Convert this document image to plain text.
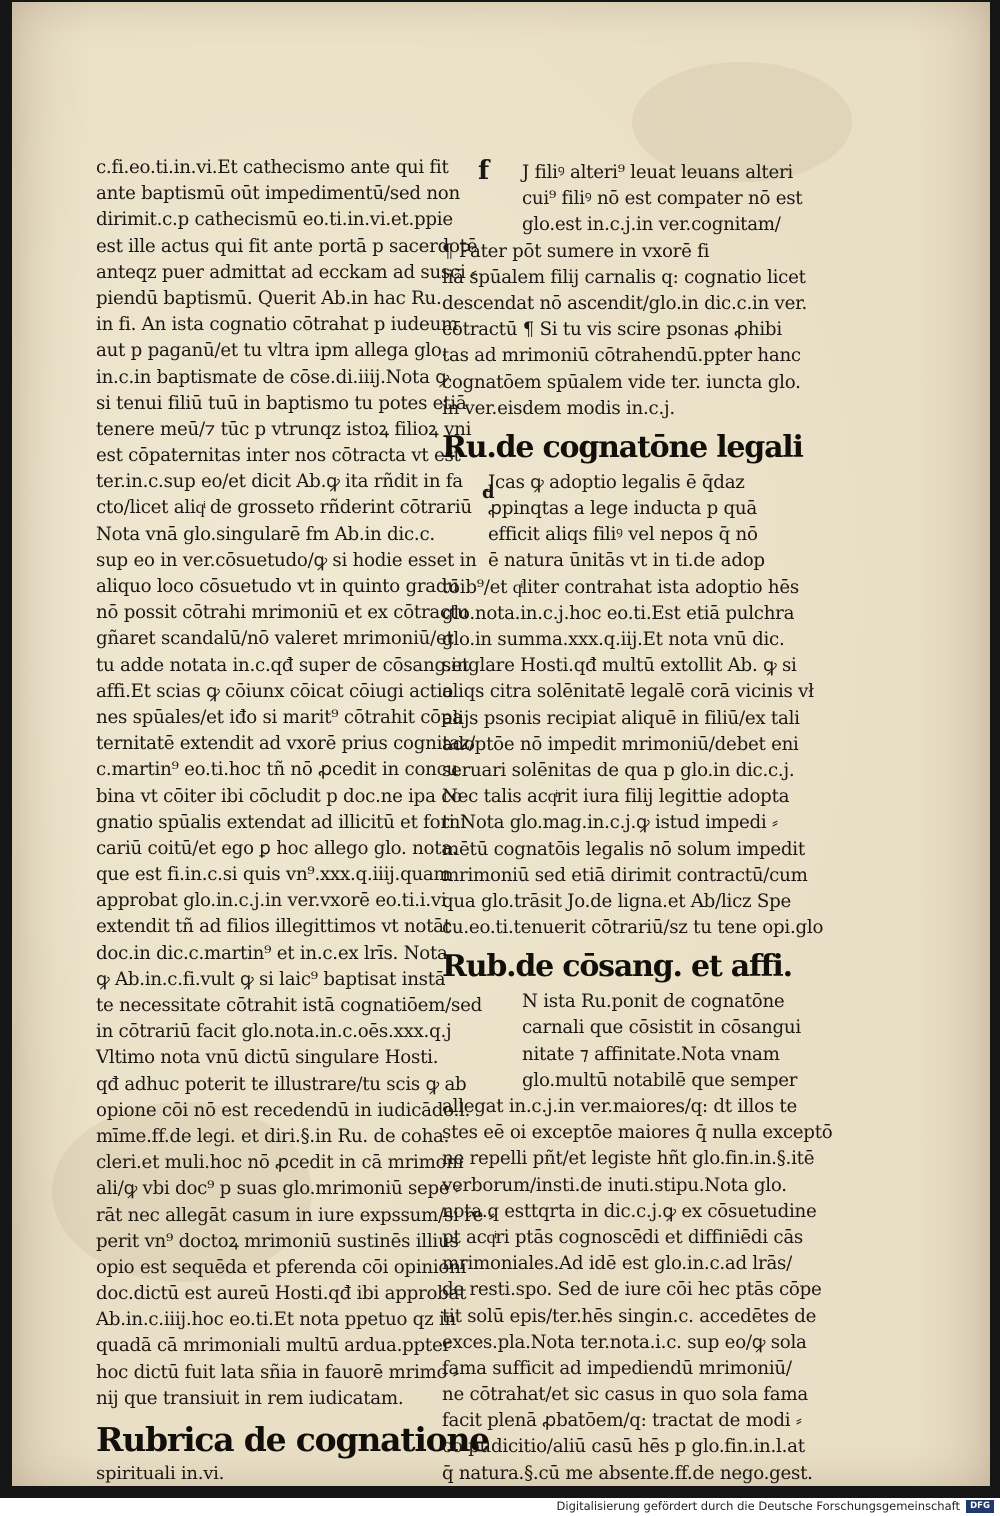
c.fi.eo.ti.in.vi.Et cathecismo ante qui fit
ante baptismū oūt impedimentū/sed non
dirimit.c.p cathecismū eo.ti.in.vi.et.ppie
est ille actus qui fit ante portā p sacerdotē
anteqz puer admittat ad ecckam ad susci ⸗
piendū baptismū. Querit Ab.in hac Ru.
in fi. An ista cognatio cōtrahat p iudeum
aut p paganū/et tu vltra ipm allega glo.
in.c.in baptismate de cōse.di.iiij.Nota ꝙ
si tenui filiū tuū in baptismo tu potes etiā
tenere meū/⁊ tūc p vtrunqz istoꝝ filioꝝ vni
est cōpaternitas inter nos cōtracta vt est
ter.in.c.sup eo/et dicit Ab.ꝙ ita rñdit in fa
cto/licet aliqͥ de grosseto rñderint cōtrariū
Nota vnā glo.singularē fm Ab.in dic.c.
sup eo in ver.cōsuetudo/ꝙ si hodie esset in
aliquo loco cōsuetudo vt in quinto gradu
nō possit cōtrahi mrimoniū et ex cōtractu
gñaret scandalū/nō valeret mrimoniū/et
tu adde notata in.c.qđ super de cōsang.et
affi.Et scias ꝙ cōiunx cōicat cōiugi actio
nes spūales/et iđo si marit⁹ cōtrahit cōpa
ternitatē extendit ad vxorē prius cognitaz/
c.martin⁹ eo.ti.hoc tñ nō ꝓcedit in concu
bina vt cōiter ibi cōcludit p doc.ne ipa co
gnatio spūalis extendat ad illicitū et forni
cariū coitū/et ego ꝑ hoc allego glo. nota.
que est fi.in.c.si quis vn⁹.xxx.q.iiij.quam
approbat glo.in.c.j.in ver.vxorē eo.ti.i.vi
extendit tñ ad filios illegittimos vt notāt
doc.in dic.c.martin⁹ et in.c.ex lrīs. Nota
ꝙ Ab.in.c.fi.vult ꝙ si laic⁹ baptisat instā
te necessitate cōtrahit istā cognatiōem/sed
in cōtrariū facit glo.nota.in.c.oēs.xxx.q.j
Vltimo nota vnū dictū singulare Hosti.
qđ adhuc poterit te illustrare/tu scis ꝙ ab
opione cōi nō est recedendū in iudicādo.l.
mīme.ff.de legi. et diri.§.in Ru. de coha.
cleri.et muli.hoc nō ꝓcedit in cā mrimoni
ali/ꝙ vbi doc⁹ p suas glo.mrimoniū sepe ⸗
rāt nec allegāt casum in iure expssum/si re ⸗
perit vn⁹ doctoꝝ mrimoniū sustinēs illius
opio est sequēda et pferenda cōi opinioni
doc.dictū est aureū Hosti.qđ ibi approbat
Ab.in.c.iiij.hoc eo.ti.Et nota ppetuo qz in
quadā cā mrimoniali multū ardua.ppter
hoc dictū fuit lata sñia in fauorē mrimo ⸗
nij que transiuit in rem iudicatam.
Rubrica de cognatione
spirituali in.vi.
f	J filiꝰ alteri⁹ leuat leuans alteri
cui⁹ filiꝰ nō est compater nō est
glo.est in.c.j.in ver.cognitam/
¶ Pater pōt sumere in vxorē fi
liā spūalem filij carnalis q: cognatio licet
descendat nō ascendit/glo.in dic.c.in ver.
cōtractū ¶ Si tu vis scire psonas ꝓhibi
tas ad mrimoniū cōtrahendū.ppter hanc
cognatōem spūalem vide ter. iuncta glo.
in ver.eisdem modis in.c.j.
Ru.de cognatōne legali
d
Jcas ꝙ adoptio legalis ē q̄daz
ꝓpinqtas a lege inducta p quā
efficit aliqs filiꝰ vel nepos q̄ nō
ē natura ūnitās vt in ti.de adop
tōib⁹/et qͥliter contrahat ista adoptio hēs
glo.nota.in.c.j.hoc eo.ti.Est etiā pulchra
glo.in summa.xxx.q.iij.Et nota vnū dic.
singlare Hosti.qđ multū extollit Ab. ꝙ si
aliqs citra solēnitatē legalē corā vicinis vł
alijs psonis recipiat aliquē in filiū/ex tali
adoptōe nō impedit mrimoniū/debet eni
seruari solēnitas de qua p glo.in dic.c.j.
Nec talis acqͥrit iura filij legittie adopta
ti.Nota glo.mag.in.c.j.ꝙ istud impedi ⸗
mētū cognatōis legalis nō solum impedit
mrimoniū sed etiā dirimit contractū/cum
qua glo.trāsit Jo.de ligna.et Ab/licz Spe
cu.eo.ti.tenuerit cōtrariū/sz tu tene opi.glo
Rub.de cōsang. et affi.
N ista Ru.ponit de cognatōne
carnali que cōsistit in cōsangui
nitate ⁊ affinitate.Nota vnam
glo.multū notabilē que semper
allegat in.c.j.in ver.maiores/q: dt illos te
stes eē oi exceptōe maiores q̄ nulla exceptō
ne repelli pñt/et legiste hñt glo.fin.in.§.itē
verborum/insti.de inuti.stipu.Nota glo.
nota.q esttqrta in dic.c.j.ꝙ ex cōsuetudine
pt acqͥri ptās cognoscēdi et diffiniēdi cās
mrimoniales.Ad idē est glo.in.c.ad lrās/
de resti.spo. Sed de iure cōi hec ptās cōpe
tit solū epis/ter.hēs singin.c. accedētes de
exces.pla.Nota ter.nota.i.c. sup eo/ꝙ sola
fama sufficit ad impediendū mrimoniū/
ne cōtrahat/et sic casus in quo sola fama
facit plenā ꝓbatōem/q: tractat de modi ⸗
co pudicitio/aliū casū hēs p glo.fin.in.l.at
q̄ natura.§.cū me absente.ff.de nego.gest.
Digitalisierung gefördert durch die Deutsche Forschungsgemeinschaft	DFG
